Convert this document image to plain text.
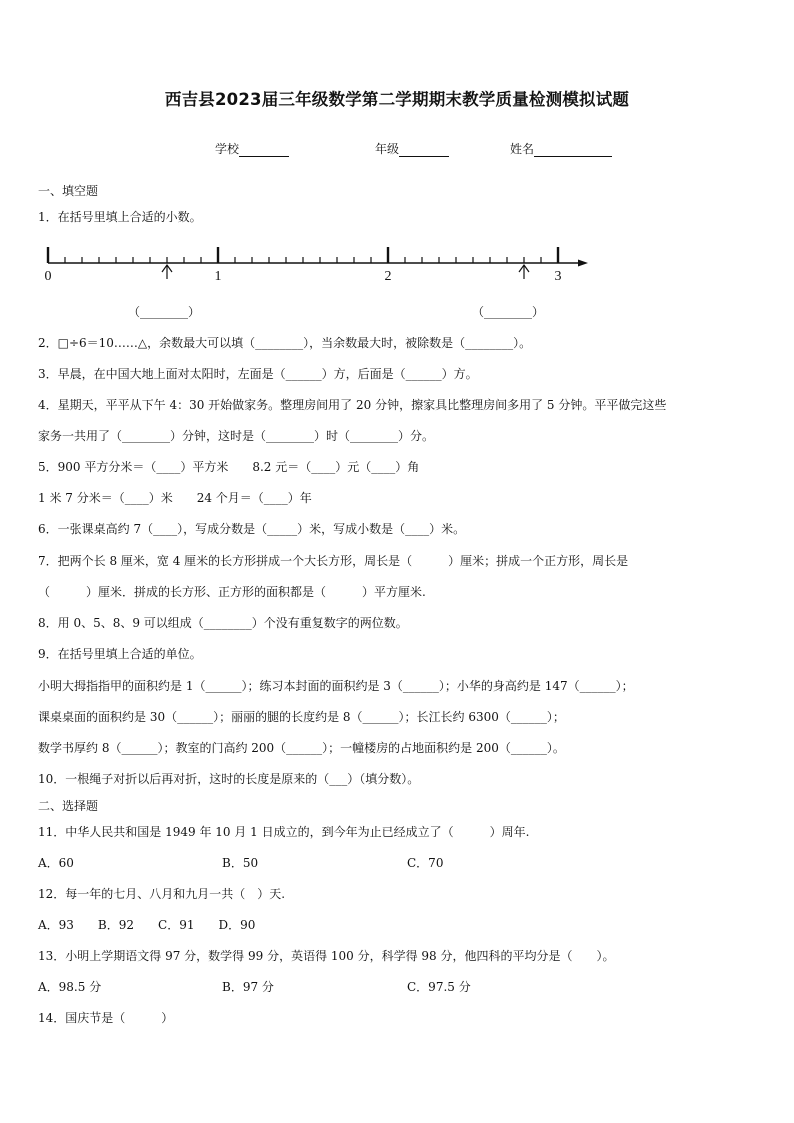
西吉县2023届三年级数学第二学期期末教学质量检测模拟试题
学校	年级	姓名
一、填空题
1．在括号里填上合适的小数。
0	1	2	3
（________）	（________）
2．□÷6＝10……△，余数最大可以填（________），当余数最大时，被除数是（________）。
3．早晨，在中国大地上面对太阳时，左面是（______）方，后面是（______）方。
4．星期天，平平从下午 4：30 开始做家务。整理房间用了 20 分钟，擦家具比整理房间多用了 5 分钟。平平做完这些
家务一共用了（________）分钟，这时是（________）时（________）分。
5．900 平方分米＝（____）平方米　　8.2 元＝（____）元（____）角
1 米 7 分米＝（____）米　　24 个月＝（____）年
6．一张课桌高约 7（____），写成分数是（_____）米，写成小数是（____）米。
7．把两个长 8 厘米，宽 4 厘米的长方形拼成一个大长方形，周长是（　　　）厘米；拼成一个正方形，周长是
（　　　）厘米．拼成的长方形、正方形的面积都是（　　　）平方厘米.
8．用 0、5、8、9 可以组成（________）个没有重复数字的两位数。
9．在括号里填上合适的单位。
小明大拇指指甲的面积约是 1（______）；练习本封面的面积约是 3（______）；小华的身高约是 147（______）；
课桌桌面的面积约是 30（______）；丽丽的腿的长度约是 8（______）；长江长约 6300（______）；
数学书厚约 8（______）；教室的门高约 200（______）；一幢楼房的占地面积约是 200（______）。
10．一根绳子对折以后再对折，这时的长度是原来的（___）（填分数）。
二、选择题
11．中华人民共和国是 1949 年 10 月 1 日成立的，到今年为止已经成立了（　　　）周年.
A．60	B．50	C．70
12．每一年的七月、八月和九月一共（　）天.
A．93　　B．92　　C．91　　D．90
13．小明上学期语文得 97 分，数学得 99 分，英语得 100 分，科学得 98 分，他四科的平均分是（　　）。
A．98.5 分	B．97 分	C．97.5 分
14．国庆节是（　　　）
